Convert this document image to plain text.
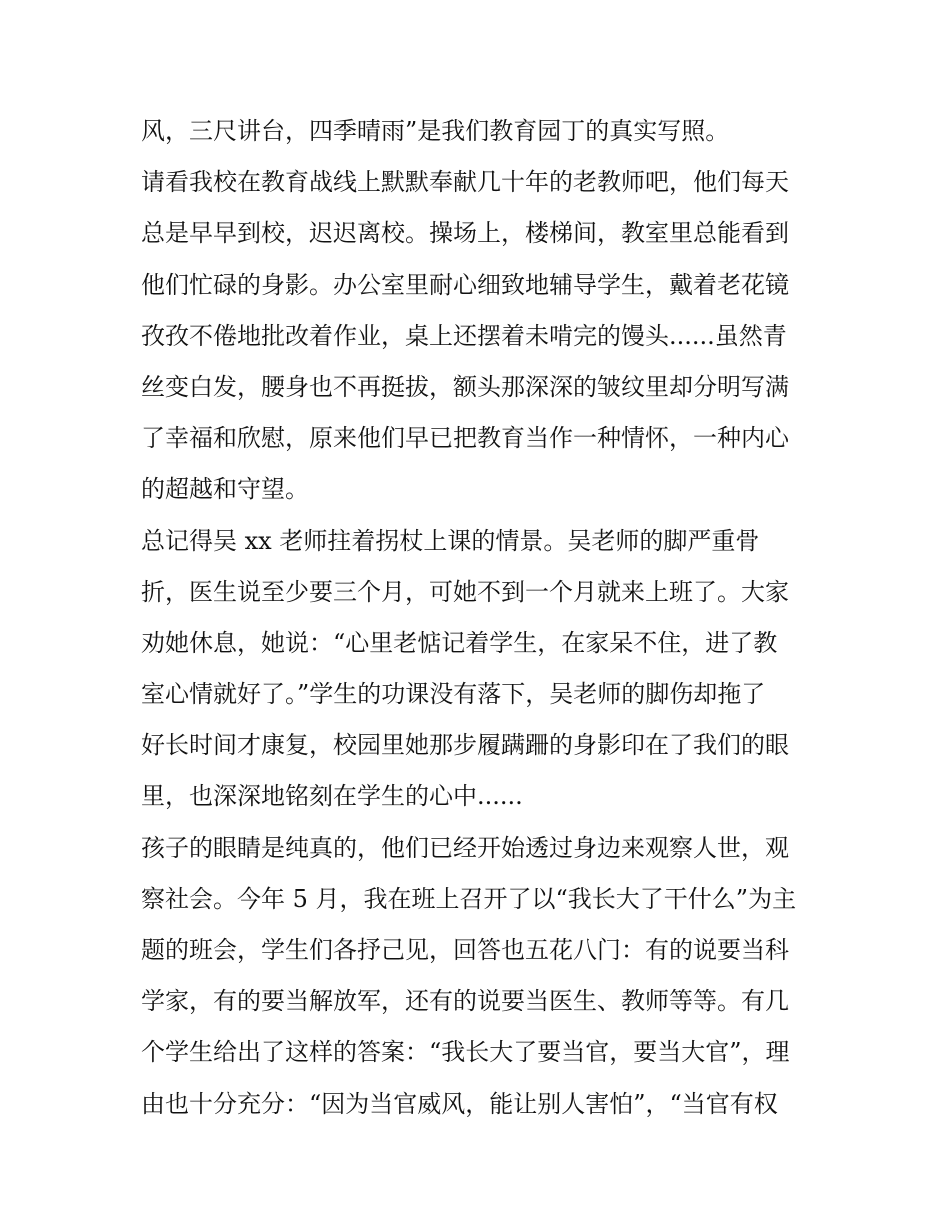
风，三尺讲台，四季晴雨”是我们教育园丁的真实写照。
请看我校在教育战线上默默奉献几十年的老教师吧，他们每天
总是早早到校，迟迟离校。操场上，楼梯间，教室里总能看到
他们忙碌的身影。办公室里耐心细致地辅导学生，戴着老花镜
孜孜不倦地批改着作业，桌上还摆着未啃完的馒头......虽然青
丝变白发，腰身也不再挺拔，额头那深深的皱纹里却分明写满
了幸福和欣慰，原来他们早已把教育当作一种情怀，一种内心
的超越和守望。
总记得吴 xx 老师拄着拐杖上课的情景。吴老师的脚严重骨
折，医生说至少要三个月，可她不到一个月就来上班了。大家
劝她休息，她说：“心里老惦记着学生，在家呆不住，进了教
室心情就好了。”学生的功课没有落下，吴老师的脚伤却拖了
好长时间才康复，校园里她那步履蹒跚的身影印在了我们的眼
里，也深深地铭刻在学生的心中......
孩子的眼睛是纯真的，他们已经开始透过身边来观察人世，观
察社会。今年 5 月，我在班上召开了以“我长大了干什么”为主
题的班会，学生们各抒己见，回答也五花八门：有的说要当科
学家，有的要当解放军，还有的说要当医生、教师等等。有几
个学生给出了这样的答案：“我长大了要当官，要当大官”，理
由也十分充分：“因为当官威风，能让别人害怕”，“当官有权
